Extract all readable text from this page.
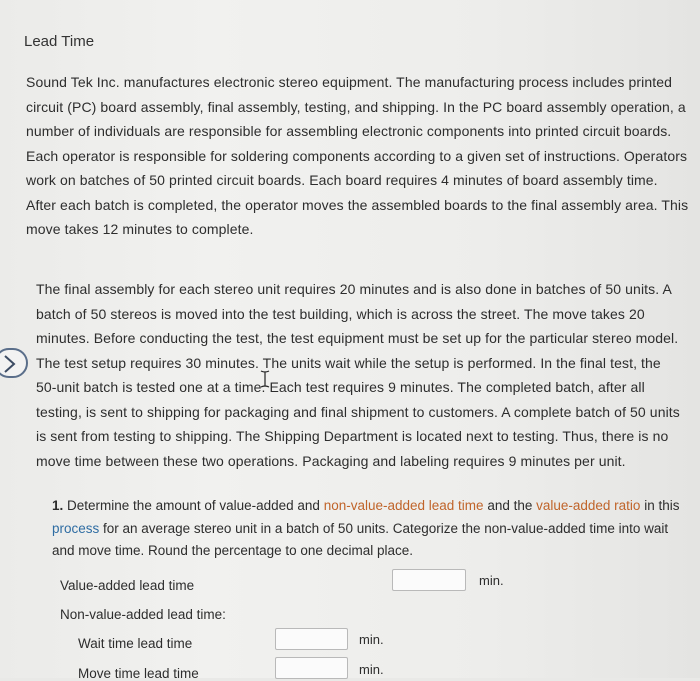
Lead Time
Sound Tek Inc. manufactures electronic stereo equipment. The manufacturing process includes printed circuit (PC) board assembly, final assembly, testing, and shipping. In the PC board assembly operation, a number of individuals are responsible for assembling electronic components into printed circuit boards. Each operator is responsible for soldering components according to a given set of instructions. Operators work on batches of 50 printed circuit boards. Each board requires 4 minutes of board assembly time. After each batch is completed, the operator moves the assembled boards to the final assembly area. This move takes 12 minutes to complete.
The final assembly for each stereo unit requires 20 minutes and is also done in batches of 50 units. A batch of 50 stereos is moved into the test building, which is across the street. The move takes 20 minutes. Before conducting the test, the test equipment must be set up for the particular stereo model. The test setup requires 30 minutes. The units wait while the setup is performed. In the final test, the 50-unit batch is tested one at a time. Each test requires 9 minutes. The completed batch, after all testing, is sent to shipping for packaging and final shipment to customers. A complete batch of 50 units is sent from testing to shipping. The Shipping Department is located next to testing. Thus, there is no move time between these two operations. Packaging and labeling requires 9 minutes per unit.
1. Determine the amount of value-added and non-value-added lead time and the value-added ratio in this process for an average stereo unit in a batch of 50 units. Categorize the non-value-added time into wait and move time. Round the percentage to one decimal place.
Value-added lead time	min.
Non-value-added lead time:
Wait time lead time	min.
Move time lead time	min.
